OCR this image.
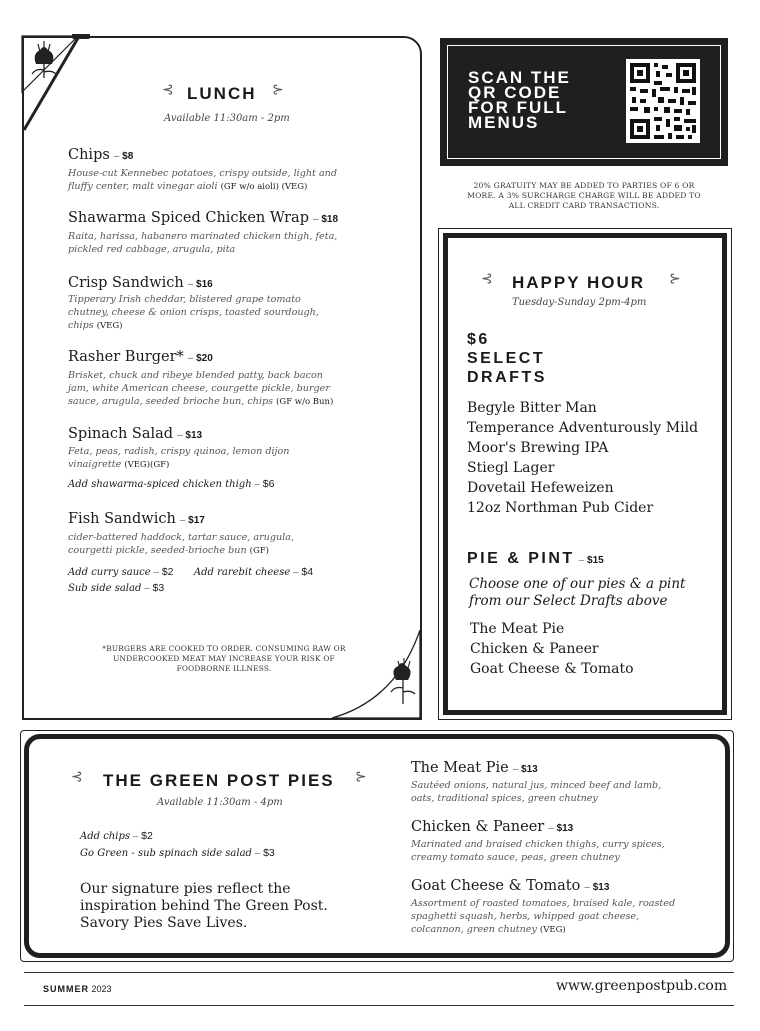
⊰ LUNCH ⊱
Available 11:30am - 2pm
Chips – $8
House-cut Kennebec potatoes, crispy outside, light and
fluffy center, malt vinegar aioli (GF w/o aioli) (VEG)
Shawarma Spiced Chicken Wrap – $18
Raita, harissa, habanero marinated chicken thigh, feta,
pickled red cabbage, arugula, pita
Crisp Sandwich – $16
Tipperary Irish cheddar, blistered grape tomato
chutney, cheese & onion crisps, toasted sourdough,
chips (VEG)
Rasher Burger* – $20
Brisket, chuck and ribeye blended patty, back bacon
jam, white American cheese, courgette pickle, burger
sauce, arugula, seeded brioche bun, chips (GF w/o Bun)
Spinach Salad – $13
Feta, peas, radish, crispy quinoa, lemon dijon
vinaigrette (VEG)(GF)
Add shawarma-spiced chicken thigh – $6
Fish Sandwich – $17
cider-battered haddock, tartar sauce, arugula,
courgetti pickle, seeded-brioche bun (GF)
Add curry sauce – $2 Add rarebit cheese – $4
Sub side salad – $3
*BURGERS ARE COOKED TO ORDER. CONSUMING RAW OR
UNDERCOOKED MEAT MAY INCREASE YOUR RISK OF
FOODBORNE ILLNESS.
SCAN THE
QR CODE
FOR FULL
MENUS
20% GRATUITY MAY BE ADDED TO PARTIES OF 6 OR
MORE. A 3% SURCHARGE CHARGE WILL BE ADDED TO
ALL CREDIT CARD TRANSACTIONS.
⊰ HAPPY HOUR ⊱
Tuesday-Sunday 2pm-4pm
$6
SELECT
DRAFTS
Begyle Bitter Man
Temperance Adventurously Mild
Moor's Brewing IPA
Stiegl Lager
Dovetail Hefeweizen
12oz Northman Pub Cider
PIE & PINT – $15
Choose one of our pies & a pint
from our Select Drafts above
The Meat Pie
Chicken & Paneer
Goat Cheese & Tomato
⊰ THE GREEN POST PIES ⊱
Available 11:30am - 4pm
Add chips – $2
Go Green - sub spinach side salad – $3
Our signature pies reflect the
inspiration behind The Green Post.
Savory Pies Save Lives.
The Meat Pie – $13
Sautéed onions, natural jus, minced beef and lamb,
oats, traditional spices, green chutney
Chicken & Paneer – $13
Marinated and braised chicken thighs, curry spices,
creamy tomato sauce, peas, green chutney
Goat Cheese & Tomato – $13
Assortment of roasted tomatoes, braised kale, roasted
spaghetti squash, herbs, whipped goat cheese,
colcannon, green chutney (VEG)
SUMMER 2023	www.greenpostpub.com
